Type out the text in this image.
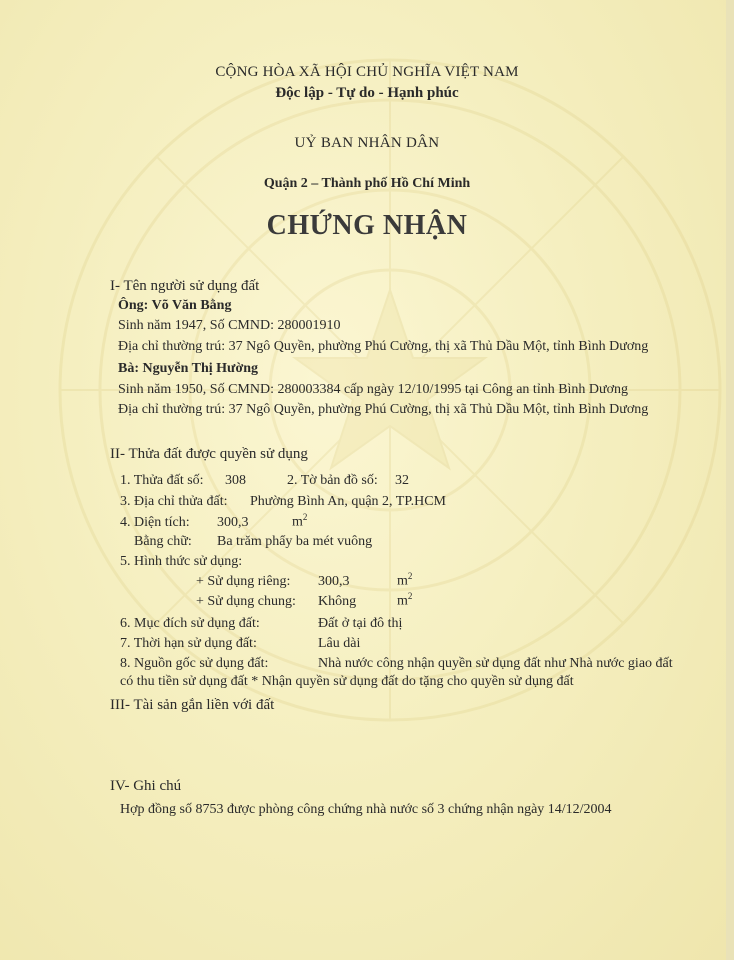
CỘNG HÒA XÃ HỘI CHỦ NGHĨA VIỆT NAM
Độc lập - Tự do - Hạnh phúc
UỶ BAN NHÂN DÂN
Quận 2 – Thành phố Hồ Chí Minh
CHỨNG NHẬN
I- Tên người sử dụng đất
Ông: Võ Văn Bằng
Sinh năm 1947, Số CMND: 280001910
Địa chỉ thường trú: 37 Ngô Quyền, phường Phú Cường, thị xã Thủ Dầu Một, tỉnh Bình Dương
Bà: Nguyễn Thị Hường
Sinh năm 1950, Số CMND: 280003384 cấp ngày 12/10/1995 tại Công an tỉnh Bình Dương
Địa chỉ thường trú: 37 Ngô Quyền, phường Phú Cường, thị xã Thủ Dầu Một, tỉnh Bình Dương
II- Thửa đất được quyền sử dụng
1. Thửa đất số: 308	2. Tờ bản đồ số: 32
3. Địa chỉ thửa đất: Phường Bình An, quận 2, TP.HCM
4. Diện tích: 300,3	$m^2$
Bằng chữ: Ba trăm phẩy ba mét vuông
5. Hình thức sử dụng:
+ Sử dụng riêng: 300,3	$m^2$
+ Sử dụng chung: Không	$m^2$
6. Mục đích sử dụng đất:	Đất ở tại đô thị
7. Thời hạn sử dụng đất:	Lâu dài
8. Nguồn gốc sử dụng đất:	Nhà nước công nhận quyền sử dụng đất như Nhà nước giao đất
có thu tiền sử dụng đất * Nhận quyền sử dụng đất do tặng cho quyền sử dụng đất
III- Tài sản gắn liền với đất
IV- Ghi chú
Hợp đồng số 8753 được phòng công chứng nhà nước số 3 chứng nhận ngày 14/12/2004
